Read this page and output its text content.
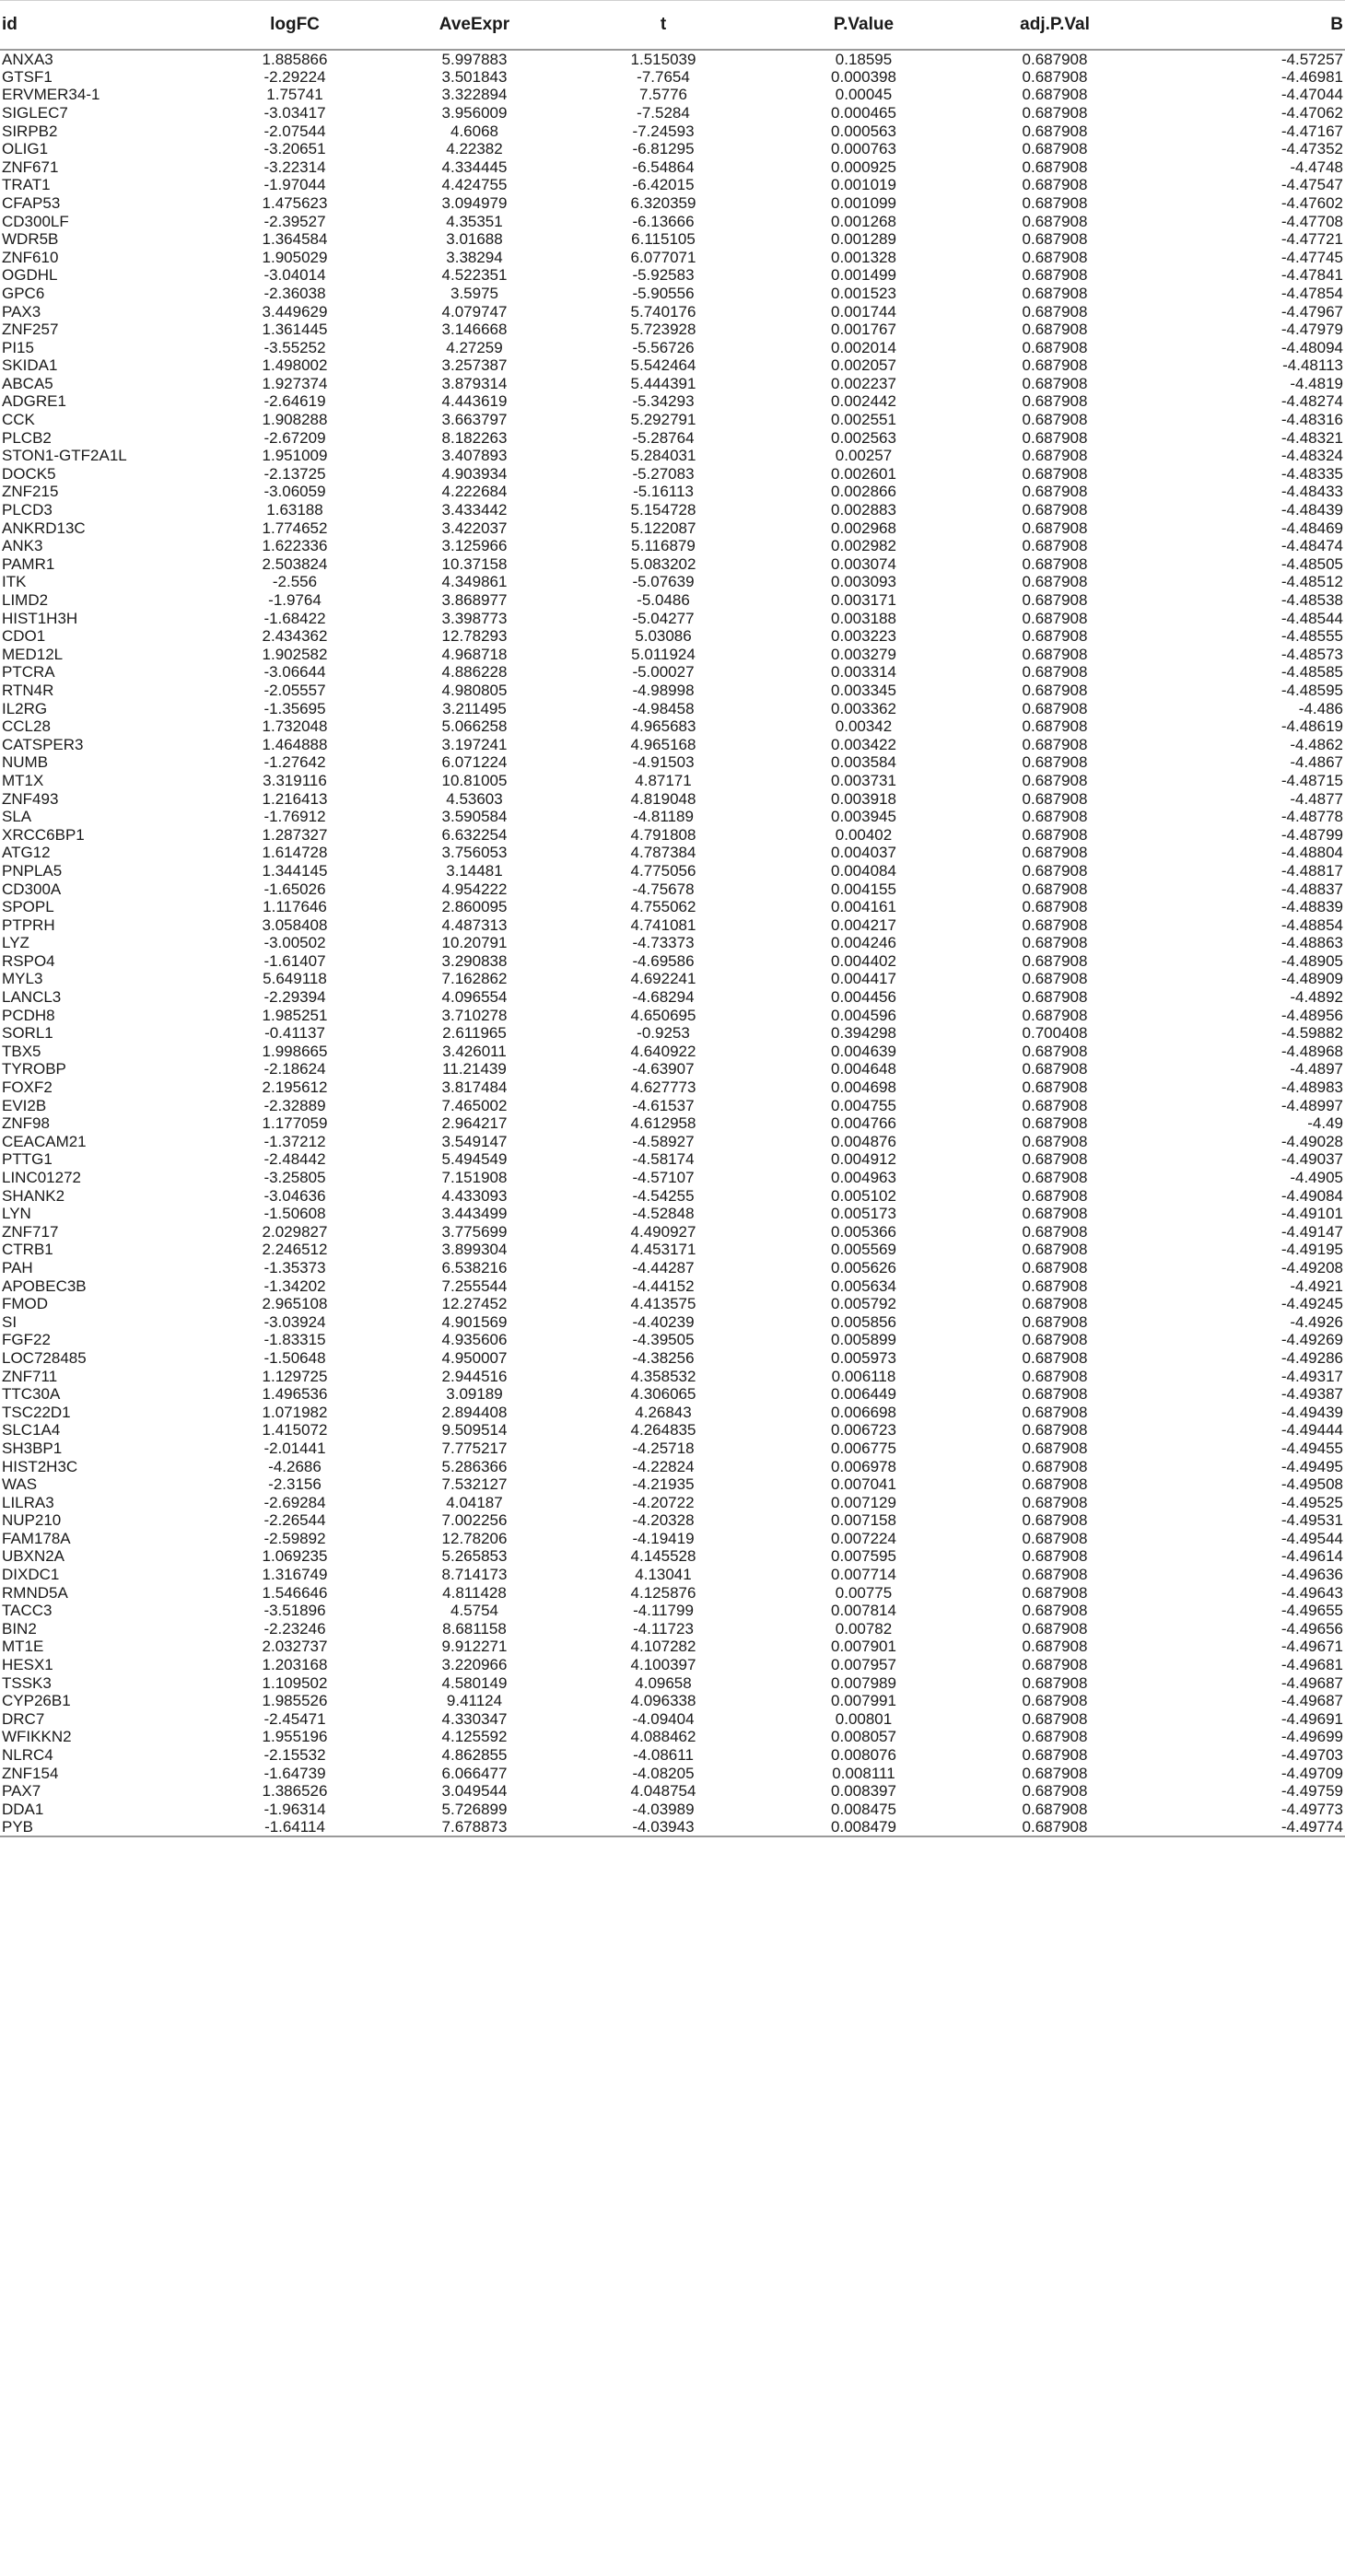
id	logFC	AveExpr	t	P.Value	adj.P.Val	B
ANXA3	1.885866	5.997883	1.515039	0.18595	0.687908	-4.57257
GTSF1	-2.29224	3.501843	-7.7654	0.000398	0.687908	-4.46981
ERVMER34-1	1.75741	3.322894	7.5776	0.00045	0.687908	-4.47044
SIGLEC7	-3.03417	3.956009	-7.5284	0.000465	0.687908	-4.47062
SIRPB2	-2.07544	4.6068	-7.24593	0.000563	0.687908	-4.47167
OLIG1	-3.20651	4.22382	-6.81295	0.000763	0.687908	-4.47352
ZNF671	-3.22314	4.334445	-6.54864	0.000925	0.687908	-4.4748
TRAT1	-1.97044	4.424755	-6.42015	0.001019	0.687908	-4.47547
CFAP53	1.475623	3.094979	6.320359	0.001099	0.687908	-4.47602
CD300LF	-2.39527	4.35351	-6.13666	0.001268	0.687908	-4.47708
WDR5B	1.364584	3.01688	6.115105	0.001289	0.687908	-4.47721
ZNF610	1.905029	3.38294	6.077071	0.001328	0.687908	-4.47745
OGDHL	-3.04014	4.522351	-5.92583	0.001499	0.687908	-4.47841
GPC6	-2.36038	3.5975	-5.90556	0.001523	0.687908	-4.47854
PAX3	3.449629	4.079747	5.740176	0.001744	0.687908	-4.47967
ZNF257	1.361445	3.146668	5.723928	0.001767	0.687908	-4.47979
PI15	-3.55252	4.27259	-5.56726	0.002014	0.687908	-4.48094
SKIDA1	1.498002	3.257387	5.542464	0.002057	0.687908	-4.48113
ABCA5	1.927374	3.879314	5.444391	0.002237	0.687908	-4.4819
ADGRE1	-2.64619	4.443619	-5.34293	0.002442	0.687908	-4.48274
CCK	1.908288	3.663797	5.292791	0.002551	0.687908	-4.48316
PLCB2	-2.67209	8.182263	-5.28764	0.002563	0.687908	-4.48321
STON1-GTF2A1L	1.951009	3.407893	5.284031	0.00257	0.687908	-4.48324
DOCK5	-2.13725	4.903934	-5.27083	0.002601	0.687908	-4.48335
ZNF215	-3.06059	4.222684	-5.16113	0.002866	0.687908	-4.48433
PLCD3	1.63188	3.433442	5.154728	0.002883	0.687908	-4.48439
ANKRD13C	1.774652	3.422037	5.122087	0.002968	0.687908	-4.48469
ANK3	1.622336	3.125966	5.116879	0.002982	0.687908	-4.48474
PAMR1	2.503824	10.37158	5.083202	0.003074	0.687908	-4.48505
ITK	-2.556	4.349861	-5.07639	0.003093	0.687908	-4.48512
LIMD2	-1.9764	3.868977	-5.0486	0.003171	0.687908	-4.48538
HIST1H3H	-1.68422	3.398773	-5.04277	0.003188	0.687908	-4.48544
CDO1	2.434362	12.78293	5.03086	0.003223	0.687908	-4.48555
MED12L	1.902582	4.968718	5.011924	0.003279	0.687908	-4.48573
PTCRA	-3.06644	4.886228	-5.00027	0.003314	0.687908	-4.48585
RTN4R	-2.05557	4.980805	-4.98998	0.003345	0.687908	-4.48595
IL2RG	-1.35695	3.211495	-4.98458	0.003362	0.687908	-4.486
CCL28	1.732048	5.066258	4.965683	0.00342	0.687908	-4.48619
CATSPER3	1.464888	3.197241	4.965168	0.003422	0.687908	-4.4862
NUMB	-1.27642	6.071224	-4.91503	0.003584	0.687908	-4.4867
MT1X	3.319116	10.81005	4.87171	0.003731	0.687908	-4.48715
ZNF493	1.216413	4.53603	4.819048	0.003918	0.687908	-4.4877
SLA	-1.76912	3.590584	-4.81189	0.003945	0.687908	-4.48778
XRCC6BP1	1.287327	6.632254	4.791808	0.00402	0.687908	-4.48799
ATG12	1.614728	3.756053	4.787384	0.004037	0.687908	-4.48804
PNPLA5	1.344145	3.14481	4.775056	0.004084	0.687908	-4.48817
CD300A	-1.65026	4.954222	-4.75678	0.004155	0.687908	-4.48837
SPOPL	1.117646	2.860095	4.755062	0.004161	0.687908	-4.48839
PTPRH	3.058408	4.487313	4.741081	0.004217	0.687908	-4.48854
LYZ	-3.00502	10.20791	-4.73373	0.004246	0.687908	-4.48863
RSPO4	-1.61407	3.290838	-4.69586	0.004402	0.687908	-4.48905
MYL3	5.649118	7.162862	4.692241	0.004417	0.687908	-4.48909
LANCL3	-2.29394	4.096554	-4.68294	0.004456	0.687908	-4.4892
PCDH8	1.985251	3.710278	4.650695	0.004596	0.687908	-4.48956
SORL1	-0.41137	2.611965	-0.9253	0.394298	0.700408	-4.59882
TBX5	1.998665	3.426011	4.640922	0.004639	0.687908	-4.48968
TYROBP	-2.18624	11.21439	-4.63907	0.004648	0.687908	-4.4897
FOXF2	2.195612	3.817484	4.627773	0.004698	0.687908	-4.48983
EVI2B	-2.32889	7.465002	-4.61537	0.004755	0.687908	-4.48997
ZNF98	1.177059	2.964217	4.612958	0.004766	0.687908	-4.49
CEACAM21	-1.37212	3.549147	-4.58927	0.004876	0.687908	-4.49028
PTTG1	-2.48442	5.494549	-4.58174	0.004912	0.687908	-4.49037
LINC01272	-3.25805	7.151908	-4.57107	0.004963	0.687908	-4.4905
SHANK2	-3.04636	4.433093	-4.54255	0.005102	0.687908	-4.49084
LYN	-1.50608	3.443499	-4.52848	0.005173	0.687908	-4.49101
ZNF717	2.029827	3.775699	4.490927	0.005366	0.687908	-4.49147
CTRB1	2.246512	3.899304	4.453171	0.005569	0.687908	-4.49195
PAH	-1.35373	6.538216	-4.44287	0.005626	0.687908	-4.49208
APOBEC3B	-1.34202	7.255544	-4.44152	0.005634	0.687908	-4.4921
FMOD	2.965108	12.27452	4.413575	0.005792	0.687908	-4.49245
SI	-3.03924	4.901569	-4.40239	0.005856	0.687908	-4.4926
FGF22	-1.83315	4.935606	-4.39505	0.005899	0.687908	-4.49269
LOC728485	-1.50648	4.950007	-4.38256	0.005973	0.687908	-4.49286
ZNF711	1.129725	2.944516	4.358532	0.006118	0.687908	-4.49317
TTC30A	1.496536	3.09189	4.306065	0.006449	0.687908	-4.49387
TSC22D1	1.071982	2.894408	4.26843	0.006698	0.687908	-4.49439
SLC1A4	1.415072	9.509514	4.264835	0.006723	0.687908	-4.49444
SH3BP1	-2.01441	7.775217	-4.25718	0.006775	0.687908	-4.49455
HIST2H3C	-4.2686	5.286366	-4.22824	0.006978	0.687908	-4.49495
WAS	-2.3156	7.532127	-4.21935	0.007041	0.687908	-4.49508
LILRA3	-2.69284	4.04187	-4.20722	0.007129	0.687908	-4.49525
NUP210	-2.26544	7.002256	-4.20328	0.007158	0.687908	-4.49531
FAM178A	-2.59892	12.78206	-4.19419	0.007224	0.687908	-4.49544
UBXN2A	1.069235	5.265853	4.145528	0.007595	0.687908	-4.49614
DIXDC1	1.316749	8.714173	4.13041	0.007714	0.687908	-4.49636
RMND5A	1.546646	4.811428	4.125876	0.00775	0.687908	-4.49643
TACC3	-3.51896	4.5754	-4.11799	0.007814	0.687908	-4.49655
BIN2	-2.23246	8.681158	-4.11723	0.00782	0.687908	-4.49656
MT1E	2.032737	9.912271	4.107282	0.007901	0.687908	-4.49671
HESX1	1.203168	3.220966	4.100397	0.007957	0.687908	-4.49681
TSSK3	1.109502	4.580149	4.09658	0.007989	0.687908	-4.49687
CYP26B1	1.985526	9.41124	4.096338	0.007991	0.687908	-4.49687
DRC7	-2.45471	4.330347	-4.09404	0.00801	0.687908	-4.49691
WFIKKN2	1.955196	4.125592	4.088462	0.008057	0.687908	-4.49699
NLRC4	-2.15532	4.862855	-4.08611	0.008076	0.687908	-4.49703
ZNF154	-1.64739	6.066477	-4.08205	0.008111	0.687908	-4.49709
PAX7	1.386526	3.049544	4.048754	0.008397	0.687908	-4.49759
DDA1	-1.96314	5.726899	-4.03989	0.008475	0.687908	-4.49773
PYB	-1.64114	7.678873	-4.03943	0.008479	0.687908	-4.49774
